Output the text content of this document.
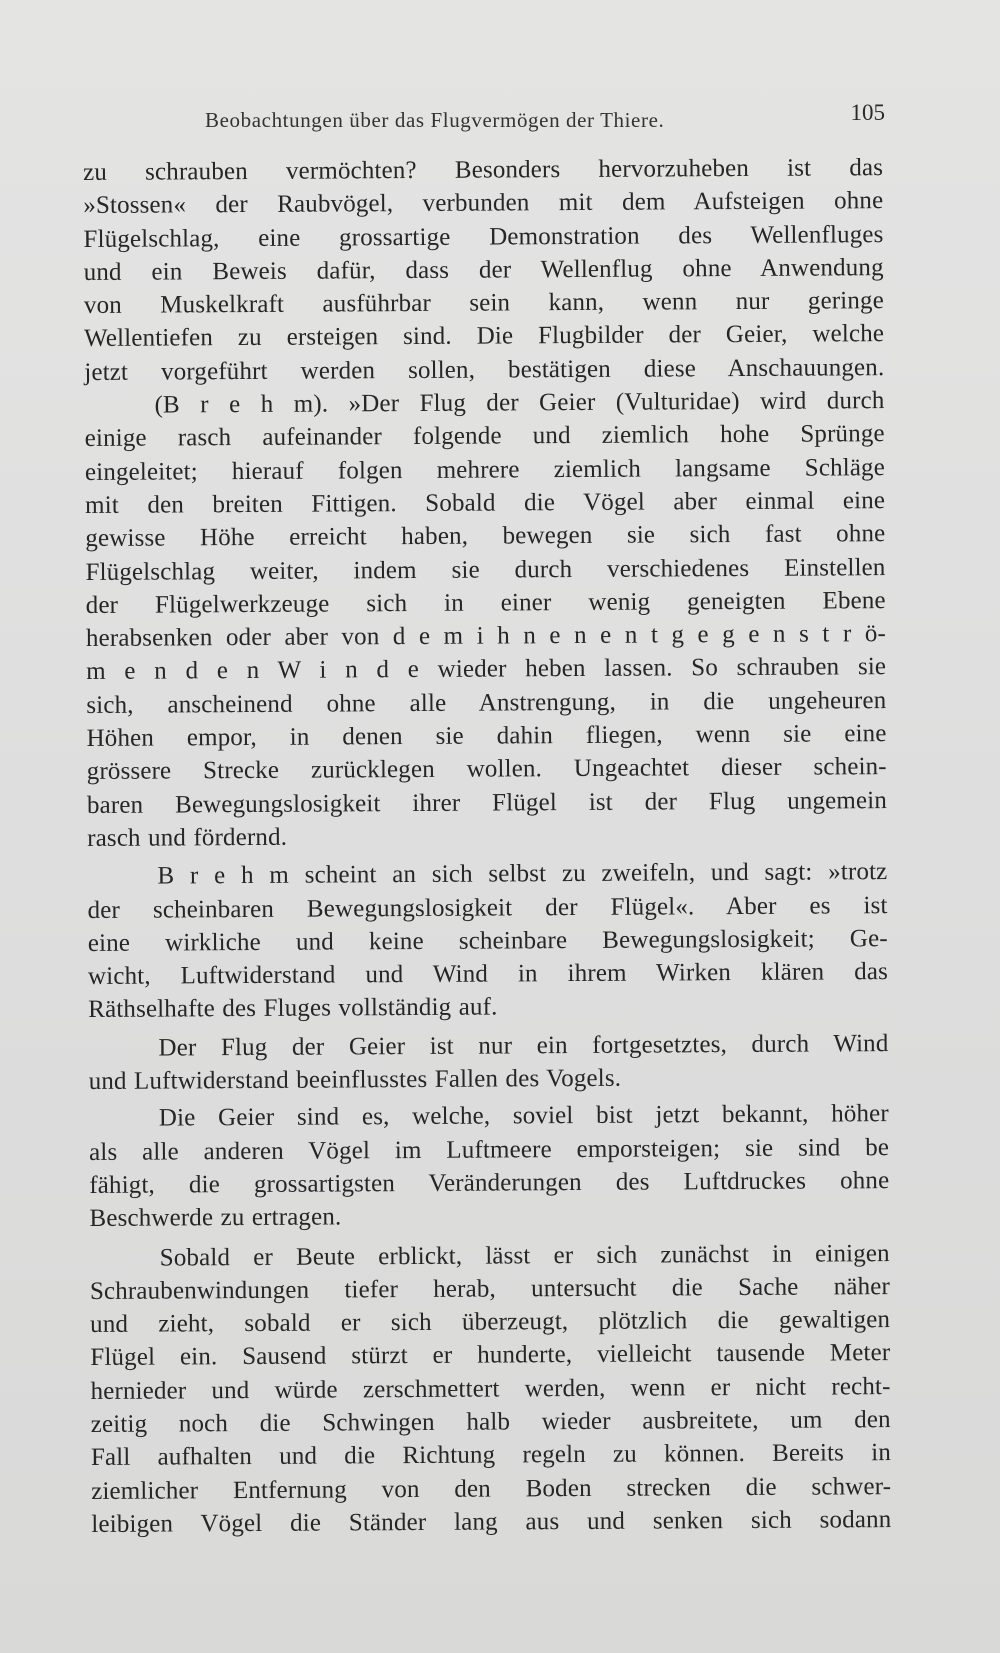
Beobachtungen über das Flugvermögen der Thiere.	105
zu schrauben vermöchten? Besonders hervorzuheben ist das
»Stossen« der Raubvögel, verbunden mit dem Aufsteigen ohne
Flügelschlag, eine grossartige Demonstration des Wellenfluges
und ein Beweis dafür, dass der Wellenflug ohne Anwendung
von Muskelkraft ausführbar sein kann, wenn nur geringe
Wellentiefen zu ersteigen sind. Die Flugbilder der Geier, welche
jetzt vorgeführt werden sollen, bestätigen diese Anschauungen.
(B r e h m). »Der Flug der Geier (Vulturidae) wird durch
einige rasch aufeinander folgende und ziemlich hohe Sprünge
eingeleitet; hierauf folgen mehrere ziemlich langsame Schläge
mit den breiten Fittigen. Sobald die Vögel aber einmal eine
gewisse Höhe erreicht haben, bewegen sie sich fast ohne
Flügelschlag weiter, indem sie durch verschiedenes Einstellen
der Flügelwerkzeuge sich in einer wenig geneigten Ebene
herabsenken oder aber von d e m i h n e n e n t g e g e n s t r ö-
m e n d e n W i n d e wieder heben lassen. So schrauben sie
sich, anscheinend ohne alle Anstrengung, in die ungeheuren
Höhen empor, in denen sie dahin fliegen, wenn sie eine
grössere Strecke zurücklegen wollen. Ungeachtet dieser schein-
baren Bewegungslosigkeit ihrer Flügel ist der Flug ungemein
rasch und fördernd.
B r e h m scheint an sich selbst zu zweifeln, und sagt: »trotz
der scheinbaren Bewegungslosigkeit der Flügel«. Aber es ist
eine wirkliche und keine scheinbare Bewegungslosigkeit; Ge-
wicht, Luftwiderstand und Wind in ihrem Wirken klären das
Räthselhafte des Fluges vollständig auf.
Der Flug der Geier ist nur ein fortgesetztes, durch Wind
und Luftwiderstand beeinflusstes Fallen des Vogels.
Die Geier sind es, welche, soviel bist jetzt bekannt, höher
als alle anderen Vögel im Luftmeere emporsteigen; sie sind be
fähigt, die grossartigsten Veränderungen des Luftdruckes ohne
Beschwerde zu ertragen.
Sobald er Beute erblickt, lässt er sich zunächst in einigen
Schraubenwindungen tiefer herab, untersucht die Sache näher
und zieht, sobald er sich überzeugt, plötzlich die gewaltigen
Flügel ein. Sausend stürzt er hunderte, vielleicht tausende Meter
hernieder und würde zerschmettert werden, wenn er nicht recht-
zeitig noch die Schwingen halb wieder ausbreitete, um den
Fall aufhalten und die Richtung regeln zu können. Bereits in
ziemlicher Entfernung von den Boden strecken die schwer-
leibigen Vögel die Ständer lang aus und senken sich sodann
